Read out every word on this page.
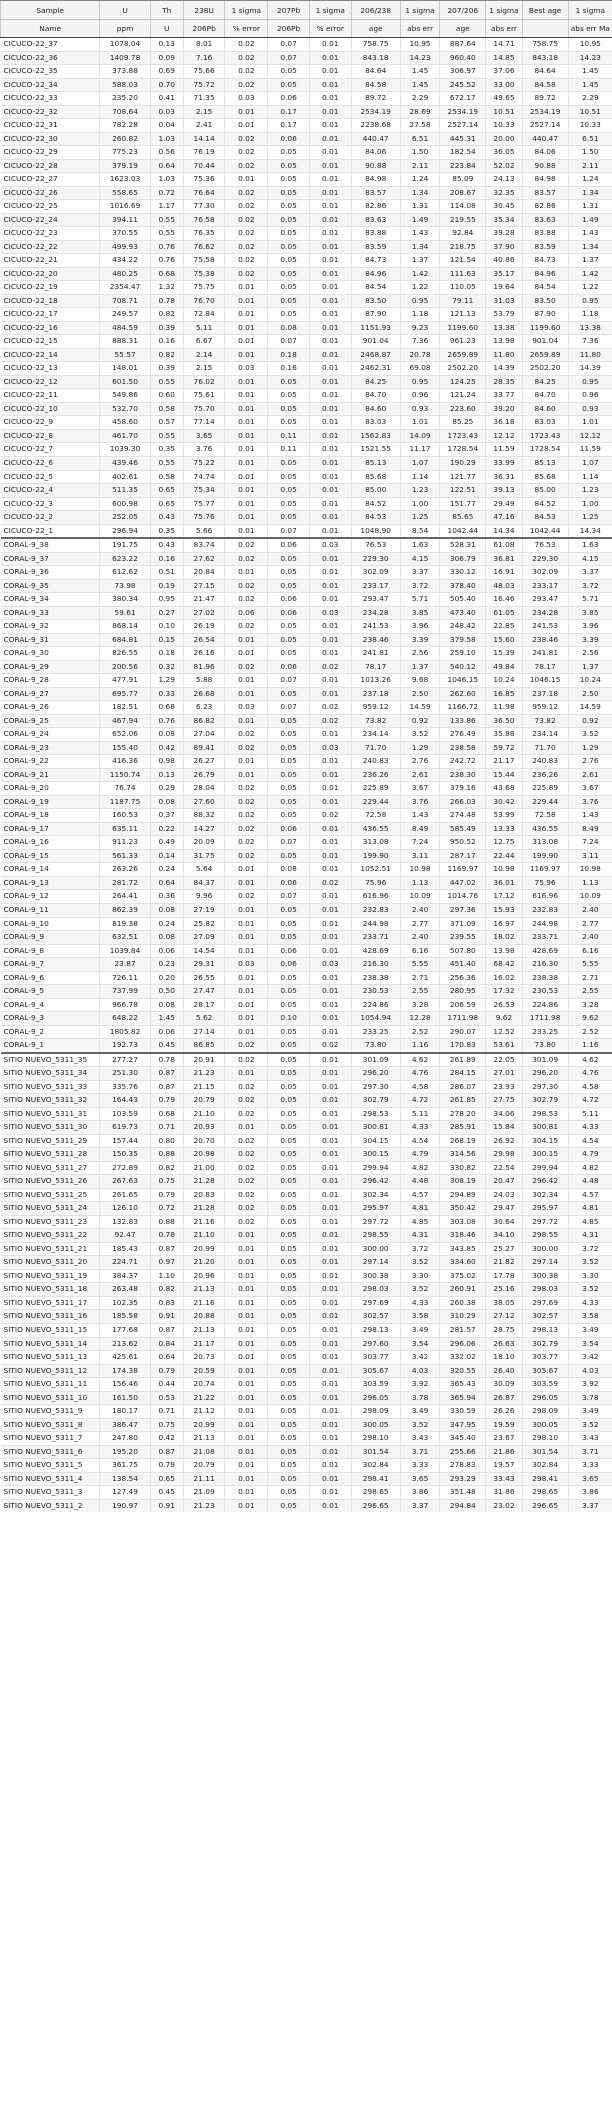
Sample	U	Th	238U	1 sigma	207Pb	1 sigma	206/238	1 sigma	207/206	1 sigma	Best age	1 sigma
Name	ppm	U	206Pb	% error	206Pb	% error	age	abs err	age	abs err		abs err Ma
CICUCO-22_37	1078.04	0.13	8.01	0.02	0.07	0.01	758.75	10.95	887.64	14.71	758.75	10.95
CICUCO-22_36	1409.78	0.09	7.16	0.02	0.07	0.01	843.18	14.23	960.40	14.85	843.18	14.23
CICUCO-22_35	373.88	0.69	75.66	0.02	0.05	0.01	84.64	1.45	306.97	37.06	84.64	1.45
CICUCO-22_34	588.03	0.70	75.72	0.02	0.05	0.01	84.58	1.45	245.52	33.00	84.58	1.45
CICUCO-22_33	235.20	0.41	71.35	0.03	0.06	0.01	89.72	2.29	672.17	49.65	89.72	2.29
CICUCO-22_32	708.64	0.03	2.15	0.01	0.17	0.01	2534.19	28.69	2534.19	10.51	2534.19	10.51
CICUCO-22_31	782.28	0.04	2.41	0.01	0.17	0.01	2238.68	27.58	2527.14	10.33	2527.14	10.33
CICUCO-22_30	260.82	1.03	14.14	0.02	0.06	0.01	440.47	6.51	445.31	20.00	440.47	6.51
CICUCO-22_29	775.23	0.56	76.19	0.02	0.05	0.01	84.06	1.50	182.54	36.05	84.06	1.50
CICUCO-22_28	379.19	0.64	70.44	0.02	0.05	0.01	90.88	2.11	223.84	52.02	90.88	2.11
CICUCO-22_27	1623.03	1.03	75.36	0.01	0.05	0.01	84.98	1.24	85.09	24.13	84.98	1.24
CICUCO-22_26	558.65	0.72	76.64	0.02	0.05	0.01	83.57	1.34	208.67	32.35	83.57	1.34
CICUCO-22_25	1016.69	1.17	77.30	0.02	0.05	0.01	82.86	1.31	114.08	30.45	82.86	1.31
CICUCO-22_24	394.11	0.55	76.58	0.02	0.05	0.01	83.63	1.49	219.55	35.34	83.63	1.49
CICUCO-22_23	370.55	0.55	76.35	0.02	0.05	0.01	83.88	1.43	92.84	39.28	83.88	1.43
CICUCO-22_22	499.93	0.76	76.62	0.02	0.05	0.01	83.59	1.34	218.75	37.90	83.59	1.34
CICUCO-22_21	434.22	0.76	75.58	0.02	0.05	0.01	84.73	1.37	121.54	40.86	84.73	1.37
CICUCO-22_20	480.25	0.68	75.38	0.02	0.05	0.01	84.96	1.42	111.63	35.17	84.96	1.42
CICUCO-22_19	2354.47	1.32	75.75	0.01	0.05	0.01	84.54	1.22	110.05	19.64	84.54	1.22
CICUCO-22_18	708.71	0.78	76.70	0.01	0.05	0.01	83.50	0.95	79.11	31.03	83.50	0.95
CICUCO-22_17	249.57	0.82	72.84	0.01	0.05	0.01	87.90	1.18	121.13	53.79	87.90	1.18
CICUCO-22_16	484.59	0.39	5.11	0.01	0.08	0.01	1151.93	9.23	1199.60	13.38	1199.60	13.38
CICUCO-22_15	888.31	0.16	6.67	0.01	0.07	0.01	901.04	7.36	961.23	13.98	901.04	7.36
CICUCO-22_14	55.57	0.82	2.14	0.01	0.18	0.01	2468.87	20.78	2659.89	11.80	2659.89	11.80
CICUCO-22_13	148.01	0.39	2.15	0.03	0.16	0.01	2462.31	69.08	2502.20	14.39	2502.20	14.39
CICUCO-22_12	601.50	0.55	76.02	0.01	0.05	0.01	84.25	0.95	124.25	28.35	84.25	0.95
CICUCO-22_11	549.86	0.60	75.61	0.01	0.05	0.01	84.70	0.96	121.24	33.77	84.70	0.96
CICUCO-22_10	532.70	0.58	75.70	0.01	0.05	0.01	84.60	0.93	223.60	39.20	84.60	0.93
CICUCO-22_9	458.60	0.57	77.14	0.01	0.05	0.01	83.03	1.01	85.25	36.18	83.03	1.01
CICUCO-22_8	461.70	0.55	3.65	0.01	0.11	0.01	1562.83	14.09	1723.43	12.12	1723.43	12.12
CICUCO-22_7	1039.30	0.35	3.76	0.01	0.11	0.01	1521.55	11.17	1728.54	11.59	1728.54	11.59
CICUCO-22_6	439.46	0.55	75.22	0.01	0.05	0.01	85.13	1.07	190.29	33.99	85.13	1.07
CICUCO-22_5	402.61	0.58	74.74	0.01	0.05	0.01	85.68	1.14	121.77	36.31	85.68	1.14
CICUCO-22_4	511.35	0.65	75.34	0.01	0.05	0.01	85.00	1.23	122.51	39.13	85.00	1.23
CICUCO-22_3	600.98	0.65	75.77	0.01	0.05	0.01	84.52	1.00	151.77	29.49	84.52	1.00
CICUCO-22_2	252.05	0.43	75.76	0.01	0.05	0.01	84.53	1.25	85.65	47.16	84.53	1.25
CICUCO-22_1	296.94	0.35	5.66	0.01	0.07	0.01	1048.90	8.54	1042.44	14.34	1042.44	14.34
CORAL-9_38	191.75	0.43	83.74	0.02	0.06	0.03	76.53	1.63	528.31	61.08	76.53	1.63
CORAL-9_37	623.22	0.16	27.62	0.02	0.05	0.01	229.30	4.15	306.79	36.81	229.30	4.15
CORAL-9_36	612.62	0.51	20.84	0.01	0.05	0.01	302.09	3.37	330.12	16.91	302.09	3.37
CORAL-9_35	73.98	0.19	27.15	0.02	0.05	0.01	233.17	3.72	378.40	48.03	233.17	3.72
CORAL-9_34	380.34	0.95	21.47	0.02	0.06	0.01	293.47	5.71	505.40	16.46	293.47	5.71
CORAL-9_33	59.61	0.27	27.02	0.06	0.06	0.03	234.28	3.85	473.40	61.05	234.28	3.85
CORAL-9_32	868.14	0.10	26.19	0.02	0.05	0.01	241.53	3.96	248.42	22.85	241.53	3.96
CORAL-9_31	684.81	0.15	26.54	0.01	0.05	0.01	238.46	3.39	379.58	15.60	238.46	3.39
CORAL-9_30	826.55	0.18	26.16	0.01	0.05	0.01	241.81	2.56	259.10	15.39	241.81	2.56
CORAL-9_29	200.56	0.32	81.96	0.02	0.06	0.02	78.17	1.37	540.12	49.84	78.17	1.37
CORAL-9_28	477.91	1.29	5.88	0.01	0.07	0.01	1013.26	9.68	1046.15	10.24	1046.15	10.24
CORAL-9_27	695.77	0.33	26.68	0.01	0.05	0.01	237.18	2.50	262.60	16.85	237.18	2.50
CORAL-9_26	182.51	0.68	6.23	0.03	0.07	0.02	959.12	14.59	1166.72	11.98	959.12	14.59
CORAL-9_25	467.94	0.76	86.82	0.01	0.05	0.02	73.82	0.92	133.86	36.50	73.82	0.92
CORAL-9_24	652.06	0.08	27.04	0.02	0.05	0.01	234.14	3.52	276.49	35.88	234.14	3.52
CORAL-9_23	155.40	0.42	89.41	0.02	0.05	0.03	71.70	1.29	238.58	59.72	71.70	1.29
CORAL-9_22	416.36	0.98	26.27	0.01	0.05	0.01	240.83	2.76	242.72	21.17	240.83	2.76
CORAL-9_21	1150.74	0.13	26.79	0.01	0.05	0.01	236.26	2.61	238.30	15.44	236.26	2.61
CORAL-9_20	76.74	0.29	28.04	0.02	0.05	0.01	225.89	3.67	379.16	43.68	225.89	3.67
CORAL-9_19	1187.75	0.08	27.60	0.02	0.05	0.01	229.44	3.76	266.03	30.42	229.44	3.76
CORAL-9_18	160.53	0.37	88.32	0.02	0.05	0.02	72.58	1.43	274.48	53.99	72.58	1.43
CORAL-9_17	635.11	0.22	14.27	0.02	0.06	0.01	436.55	8.49	585.49	13.33	436.55	8.49
CORAL-9_16	911.23	0.49	20.09	0.02	0.07	0.01	313.08	7.24	950.52	12.75	313.08	7.24
CORAL-9_15	561.33	0.14	31.75	0.02	0.05	0.01	199.90	3.11	287.17	22.44	199.90	3.11
CORAL-9_14	263.26	0.24	5.64	0.01	0.08	0.01	1052.51	10.98	1169.97	10.98	1169.97	10.98
CORAL-9_13	281.72	0.64	84.37	0.01	0.06	0.02	75.96	1.13	447.02	36.01	75.96	1.13
CORAL-9_12	264.41	0.36	9.96	0.02	0.07	0.01	616.96	10.09	1014.76	17.12	616.96	10.09
CORAL-9_11	862.39	0.08	27.19	0.01	0.05	0.01	232.83	2.40	297.36	15.93	232.83	2.40
CORAL-9_10	819.38	0.24	25.82	0.01	0.05	0.01	244.98	2.77	371.09	16.97	244.98	2.77
CORAL-9_9	632.51	0.08	27.09	0.01	0.05	0.01	233.71	2.40	239.55	18.02	233.71	2.40
CORAL-9_8	1039.84	0.06	14.54	0.01	0.06	0.01	428.69	6.16	507.80	13.98	428.69	6.16
CORAL-9_7	23.87	0.23	29.31	0.03	0.06	0.03	216.30	5.55	451.40	68.42	216.30	5.55
CORAL-9_6	726.11	0.20	26.55	0.01	0.05	0.01	238.38	2.71	256.36	16.02	238.38	2.71
CORAL-9_5	737.99	0.50	27.47	0.01	0.05	0.01	230.53	2.55	280.95	17.32	230.53	2.55
CORAL-9_4	966.78	0.08	28.17	0.01	0.05	0.01	224.86	3.28	206.59	26.53	224.86	3.28
CORAL-9_3	648.22	1.45	5.62	0.01	0.10	0.01	1054.94	12.28	1711.98	9.62	1711.98	9.62
CORAL-9_2	1805.82	0.06	27.14	0.01	0.05	0.01	233.25	2.52	290.07	12.52	233.25	2.52
CORAL-9_1	192.73	0.45	86.85	0.02	0.05	0.02	73.80	1.16	170.83	53.61	73.80	1.16
SITIO NUEVO_5311_35	277.27	0.78	20.91	0.02	0.05	0.01	301.09	4.62	261.89	22.05	301.09	4.62
SITIO NUEVO_5311_34	251.30	0.87	21.23	0.01	0.05	0.01	296.20	4.76	284.15	27.01	296.20	4.76
SITIO NUEVO_5311_33	335.76	0.87	21.15	0.02	0.05	0.01	297.30	4.58	286.07	23.93	297.30	4.58
SITIO NUEVO_5311_32	164.43	0.79	20.79	0.02	0.05	0.01	302.79	4.72	261.85	27.75	302.79	4.72
SITIO NUEVO_5311_31	103.59	0.68	21.10	0.02	0.05	0.01	298.53	5.11	278.20	34.06	298.53	5.11
SITIO NUEVO_5311_30	619.73	0.71	20.93	0.01	0.05	0.01	300.81	4.33	285.91	15.84	300.81	4.33
SITIO NUEVO_5311_29	157.44	0.80	20.70	0.02	0.05	0.01	304.15	4.54	268.19	26.92	304.15	4.54
SITIO NUEVO_5311_28	150.35	0.88	20.98	0.02	0.05	0.01	300.15	4.79	314.56	29.98	300.15	4.79
SITIO NUEVO_5311_27	272.89	0.82	21.00	0.02	0.05	0.01	299.94	4.82	330.82	22.54	299.94	4.82
SITIO NUEVO_5311_26	267.63	0.75	21.28	0.02	0.05	0.01	296.42	4.48	308.19	20.47	296.42	4.48
SITIO NUEVO_5311_25	261.65	0.79	20.83	0.02	0.05	0.01	302.34	4.57	294.89	24.03	302.34	4.57
SITIO NUEVO_5311_24	126.10	0.72	21.28	0.02	0.05	0.01	295.97	4.81	350.42	29.47	295.97	4.81
SITIO NUEVO_5311_23	132.83	0.88	21.16	0.02	0.05	0.01	297.72	4.85	303.08	30.64	297.72	4.85
SITIO NUEVO_5311_22	92.47	0.78	21.10	0.01	0.05	0.01	298.55	4.31	318.46	34.10	298.55	4.31
SITIO NUEVO_5311_21	185.43	0.87	20.99	0.01	0.05	0.01	300.00	3.72	343.85	25.27	300.00	3.72
SITIO NUEVO_5311_20	224.71	0.97	21.20	0.01	0.05	0.01	297.14	3.52	334.60	21.82	297.14	3.52
SITIO NUEVO_5311_19	384.37	1.10	20.96	0.01	0.05	0.01	300.38	3.30	375.02	17.78	300.38	3.30
SITIO NUEVO_5311_18	263.48	0.82	21.13	0.01	0.05	0.01	298.03	3.52	260.91	25.16	298.03	3.52
SITIO NUEVO_5311_17	102.35	0.83	21.16	0.01	0.05	0.01	297.69	4.33	260.38	38.05	297.69	4.33
SITIO NUEVO_5311_16	185.58	0.91	20.88	0.01	0.05	0.01	302.57	3.58	310.29	27.12	302.57	3.58
SITIO NUEVO_5311_15	177.68	0.87	21.13	0.01	0.05	0.01	298.13	3.49	281.57	28.75	298.13	3.49
SITIO NUEVO_5311_14	213.62	0.84	21.17	0.01	0.05	0.01	297.60	3.54	296.06	26.63	302.79	3.54
SITIO NUEVO_5311_13	425.61	0.64	20.73	0.01	0.05	0.01	303.77	3.42	332.02	18.10	303.77	3.42
SITIO NUEVO_5311_12	174.38	0.79	20.59	0.01	0.05	0.01	305.67	4.03	320.55	26.40	305.67	4.03
SITIO NUEVO_5311_11	156.46	0.44	20.74	0.01	0.05	0.01	303.59	3.92	365.43	30.09	303.59	3.92
SITIO NUEVO_5311_10	161.50	0.53	21.22	0.01	0.05	0.01	296.05	3.78	365.94	26.87	296.05	3.78
SITIO NUEVO_5311_9	180.17	0.71	21.12	0.01	0.05	0.01	298.09	3.49	330.59	26.26	298.09	3.49
SITIO NUEVO_5311_8	386.47	0.75	20.99	0.01	0.05	0.01	300.05	3.52	347.95	19.59	300.05	3.52
SITIO NUEVO_5311_7	247.80	0.42	21.13	0.01	0.05	0.01	298.10	3.43	345.40	23.67	298.10	3.43
SITIO NUEVO_5311_6	195.20	0.87	21.08	0.01	0.05	0.01	301.54	3.71	255.66	21.86	301.54	3.71
SITIO NUEVO_5311_5	361.75	0.79	20.79	0.01	0.05	0.01	302.84	3.33	278.83	19.57	302.84	3.33
SITIO NUEVO_5311_4	138.54	0.65	21.11	0.01	0.05	0.01	298.41	3.65	293.29	33.43	298.41	3.65
SITIO NUEVO_5311_3	127.49	0.45	21.09	0.01	0.05	0.01	298.65	3.86	351.48	31.86	298.65	3.86
SITIO NUEVO_5311_2	190.97	0.91	21.23	0.01	0.05	0.01	296.65	3.37	294.84	23.02	296.65	3.37
